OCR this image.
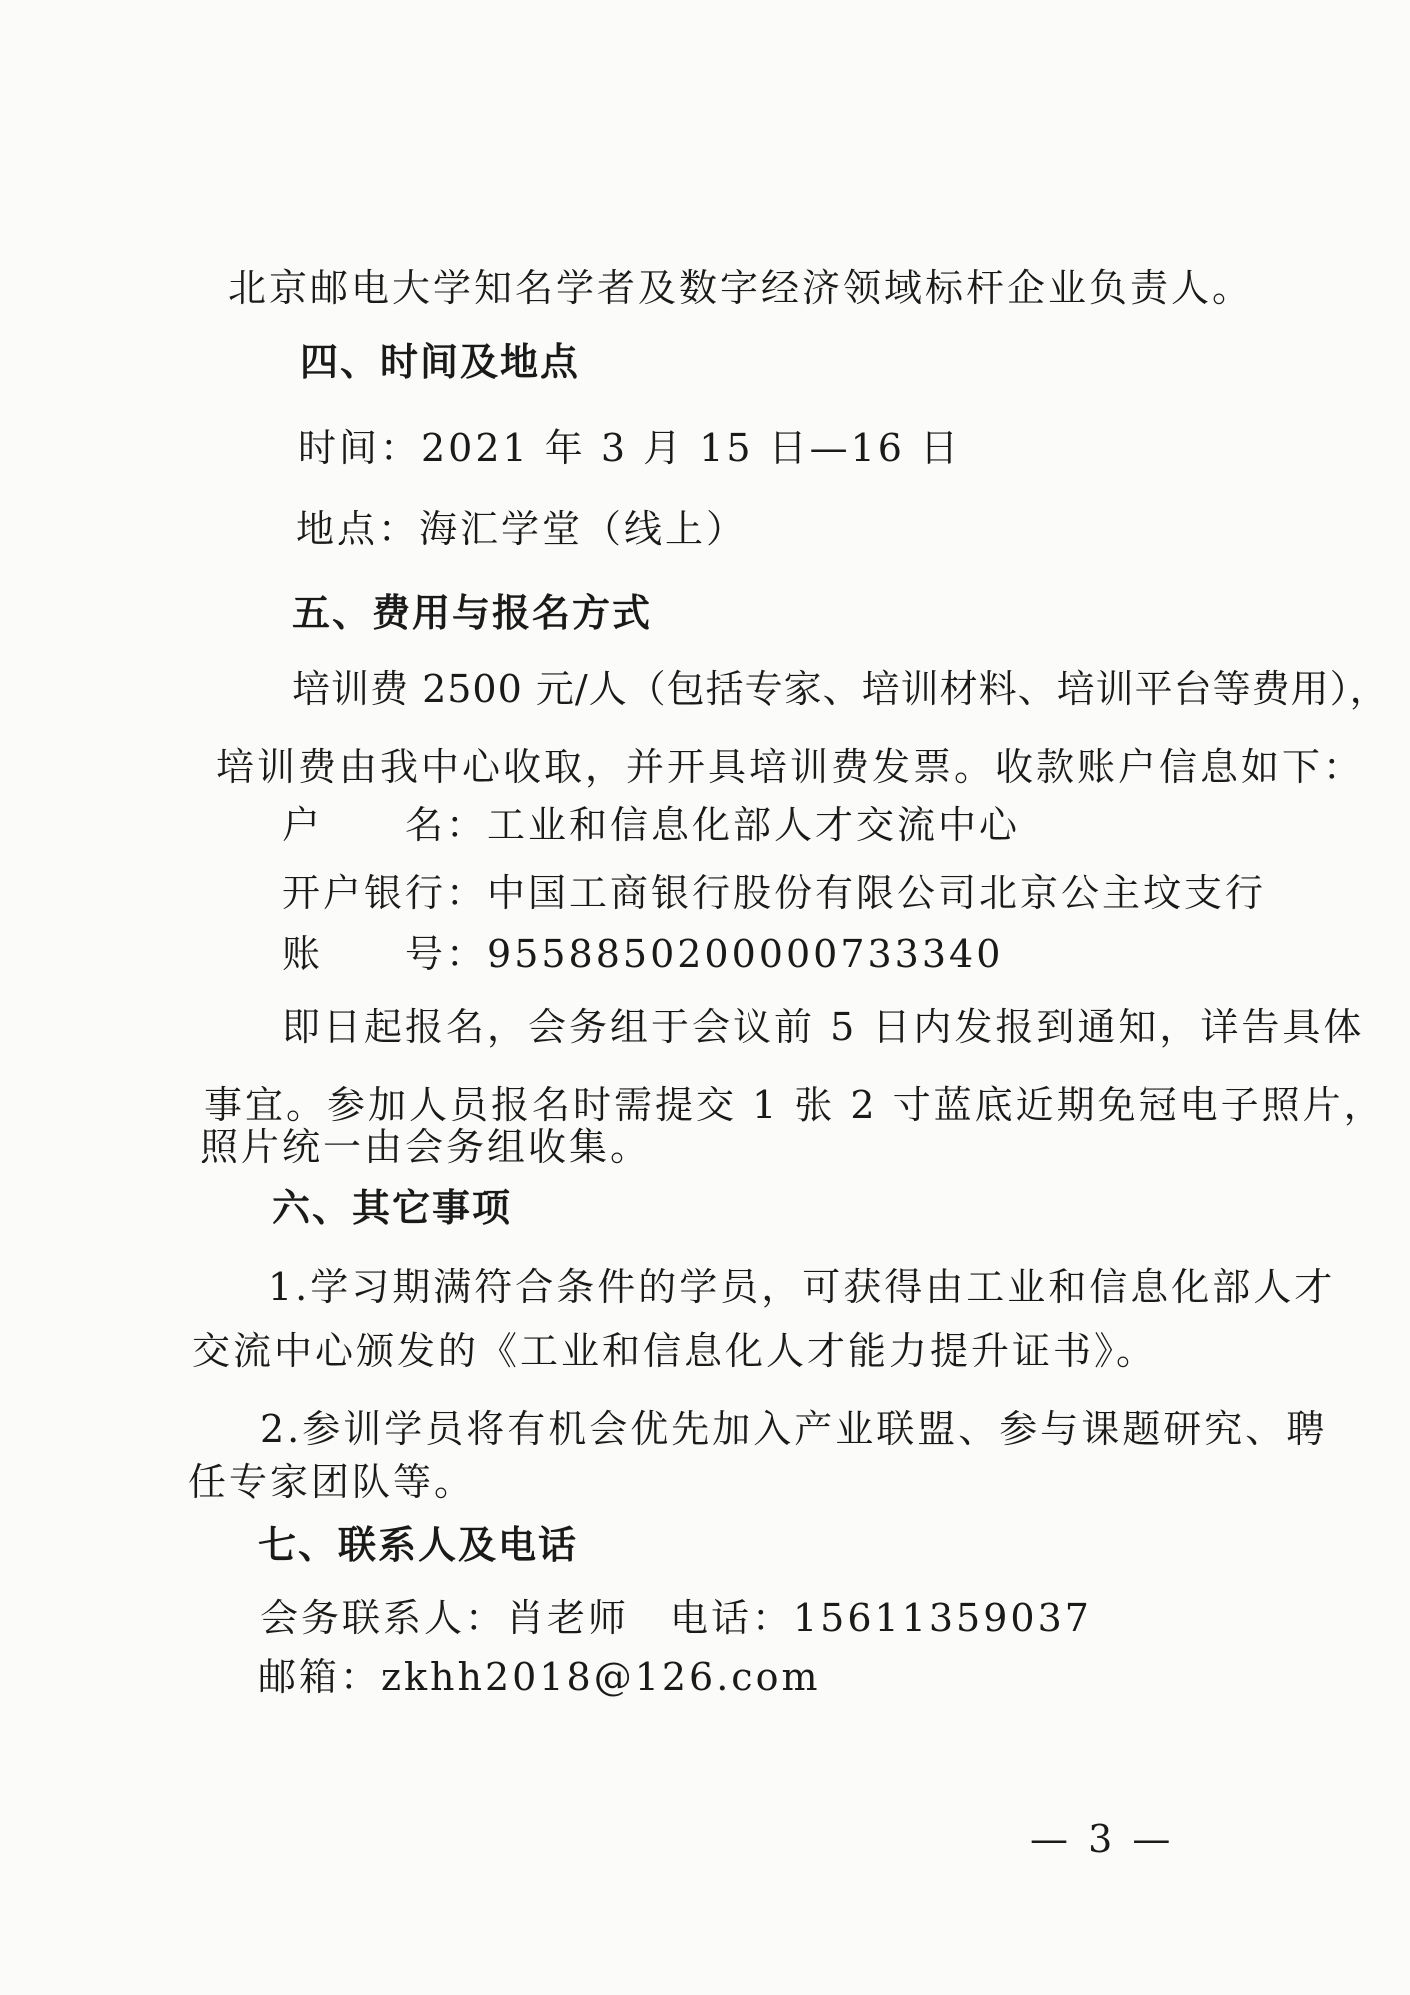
北京邮电大学知名学者及数字经济领域标杆企业负责人。
四、时间及地点
时间：2021 年 3 月 15 日—16 日
地点：海汇学堂（线上）
五、费用与报名方式
培训费 2500 元/人（包括专家、培训材料、培训平台等费用），
培训费由我中心收取，并开具培训费发票。收款账户信息如下：
户　　名：工业和信息化部人才交流中心
开户银行：中国工商银行股份有限公司北京公主坟支行
账　　号：9558850200000733340
即日起报名，会务组于会议前 5 日内发报到通知，详告具体
事宜。参加人员报名时需提交 1 张 2 寸蓝底近期免冠电子照片，
照片统一由会务组收集。
六、其它事项
1.学习期满符合条件的学员，可获得由工业和信息化部人才
交流中心颁发的《工业和信息化人才能力提升证书》。
2.参训学员将有机会优先加入产业联盟、参与课题研究、聘
任专家团队等。
七、联系人及电话
会务联系人：肖老师　电话：15611359037
邮箱：zkhh2018@126.com
— 3 —
